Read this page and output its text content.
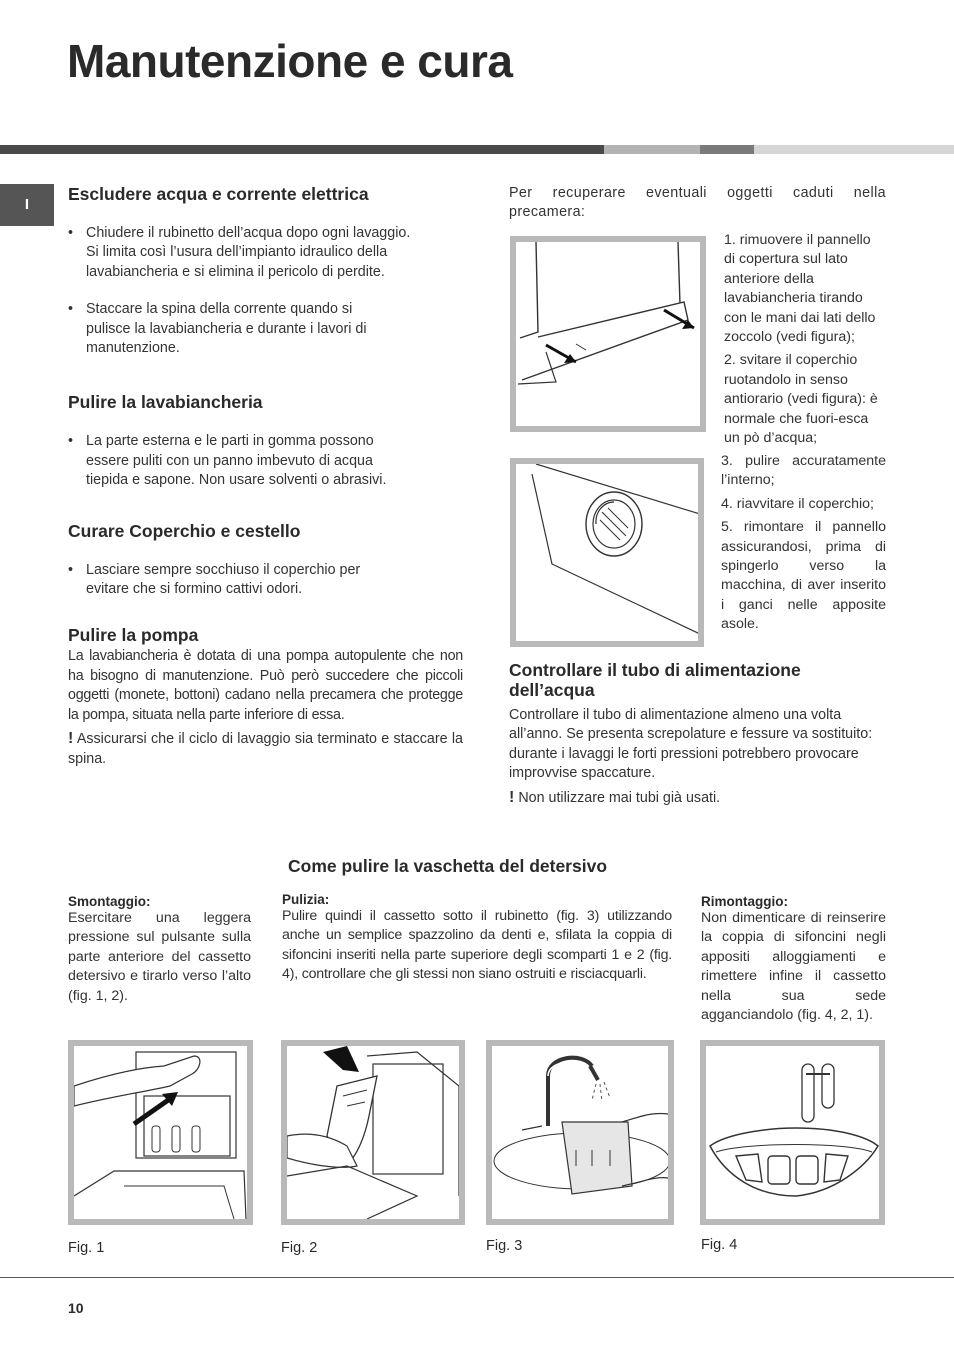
Manutenzione e cura
I
Escludere acqua e corrente elettrica
• Chiudere il rubinetto dell’acqua dopo ogni lavaggio. Si limita così l’usura dell’impianto idraulico della lavabiancheria e si elimina il pericolo di perdite.
• Staccare la spina della corrente quando si pulisce la lavabiancheria e durante i lavori di manutenzione.
Pulire la lavabiancheria
• La parte esterna e le parti in gomma possono essere puliti con un panno imbevuto di acqua tiepida e sapone. Non usare solventi o abrasivi.
Curare Coperchio e cestello
• Lasciare sempre socchiuso il coperchio per evitare che si formino cattivi odori.
Pulire la pompa
La lavabiancheria è dotata di una pompa autopulente che non ha bisogno di manutenzione. Può però succedere che piccoli oggetti (monete, bottoni) cadano nella precamera che protegge la pompa, situata nella parte inferiore di essa.
! Assicurarsi che il ciclo di lavaggio sia terminato e staccare la spina.
Per recuperare eventuali oggetti caduti nella precamera:
1. rimuovere il pannello di copertura sul lato anteriore della lavabiancheria tirando con le mani dai lati dello zoccolo (vedi figura);
2. svitare il coperchio ruotandolo in senso antiorario (vedi figura): è normale che fuori-esca un pò d’acqua;
3. pulire accuratamente l’interno;
4. riavvitare il coperchio;
5. rimontare il pannello assicurandosi, prima di spingerlo verso la macchina, di aver inserito i ganci nelle apposite asole.
Controllare il tubo di alimentazione dell’acqua
Controllare il tubo di alimentazione almeno una volta all’anno. Se presenta screpolature e fessure va sostituito: durante i lavaggi le forti pressioni potrebbero provocare improvvise spaccature.
! Non utilizzare mai tubi già usati.
Come pulire la vaschetta del detersivo
Smontaggio:
Esercitare una leggera pressione sul pulsante sulla parte anteriore del cassetto detersivo e tirarlo verso l’alto (fig. 1, 2).
Pulizia:
Pulire quindi il cassetto sotto il rubinetto (fig. 3) utilizzando anche un semplice spazzolino da denti e, sfilata la coppia di sifoncini inseriti nella parte superiore degli scomparti 1 e 2 (fig. 4), controllare che gli stessi non siano ostruiti e risciacquarli.
Rimontaggio:
Non dimenticare di reinserire la coppia di sifoncini negli appositi alloggiamenti e rimettere infine il cassetto nella sua sede agganciandolo (fig. 4, 2, 1).
Fig. 1	Fig. 2	Fig. 3	Fig. 4
10
